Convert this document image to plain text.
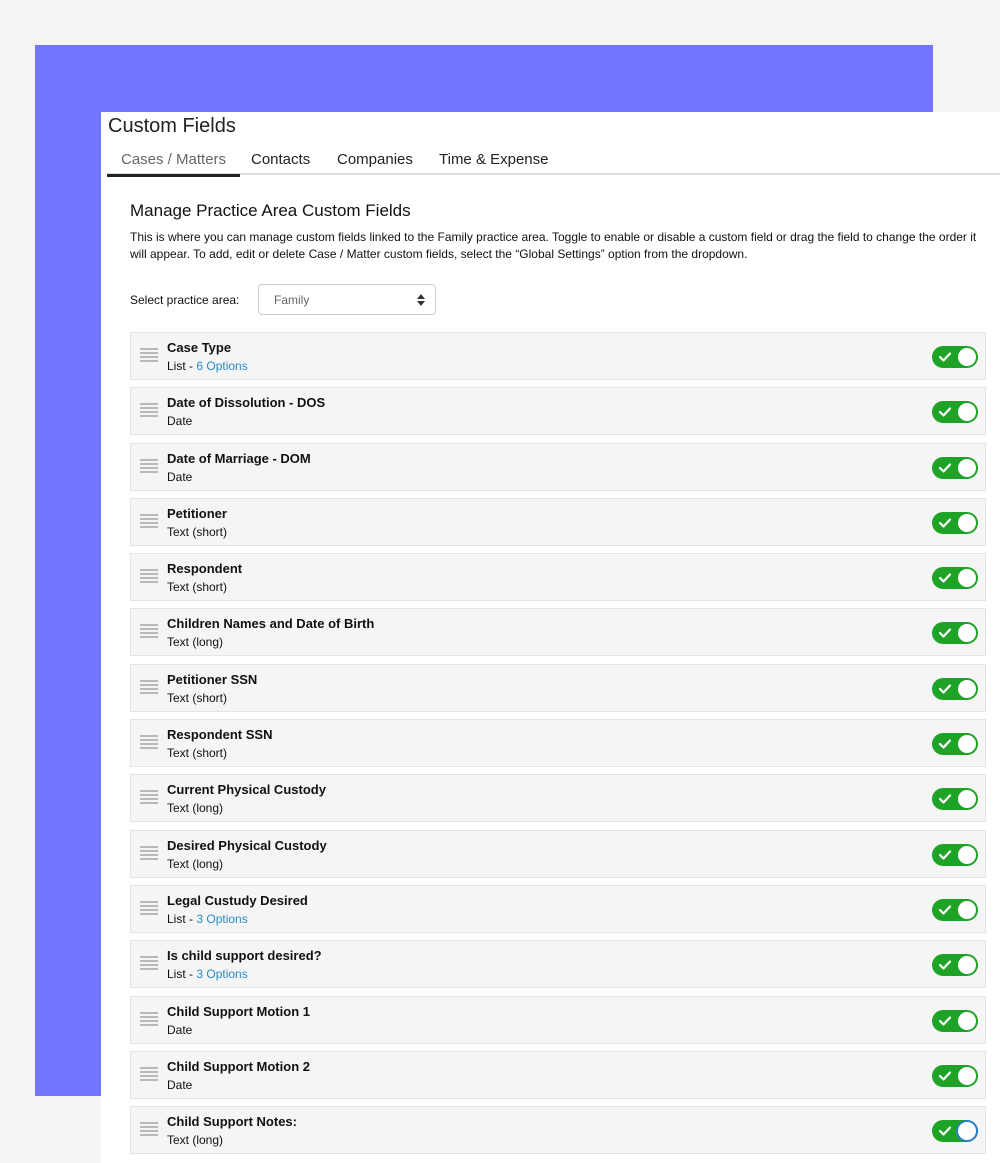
Custom Fields
Cases / Matters	Contacts Companies Time & Expense
Manage Practice Area Custom Fields
This is where you can manage custom fields linked to the Family practice area. Toggle to enable or disable a custom field or drag the field to change the order it will appear. To add, edit or delete Case / Matter custom fields, select the “Global Settings” option from the dropdown.
Select practice area:	Family
Case Type
List - 6 Options
Date of Dissolution - DOS
Date
Date of Marriage - DOM
Date
Petitioner
Text (short)
Respondent
Text (short)
Children Names and Date of Birth
Text (long)
Petitioner SSN
Text (short)
Respondent SSN
Text (short)
Current Physical Custody
Text (long)
Desired Physical Custody
Text (long)
Legal Custudy Desired
List - 3 Options
Is child support desired?
List - 3 Options
Child Support Motion 1
Date
Child Support Motion 2
Date
Child Support Notes:
Text (long)
